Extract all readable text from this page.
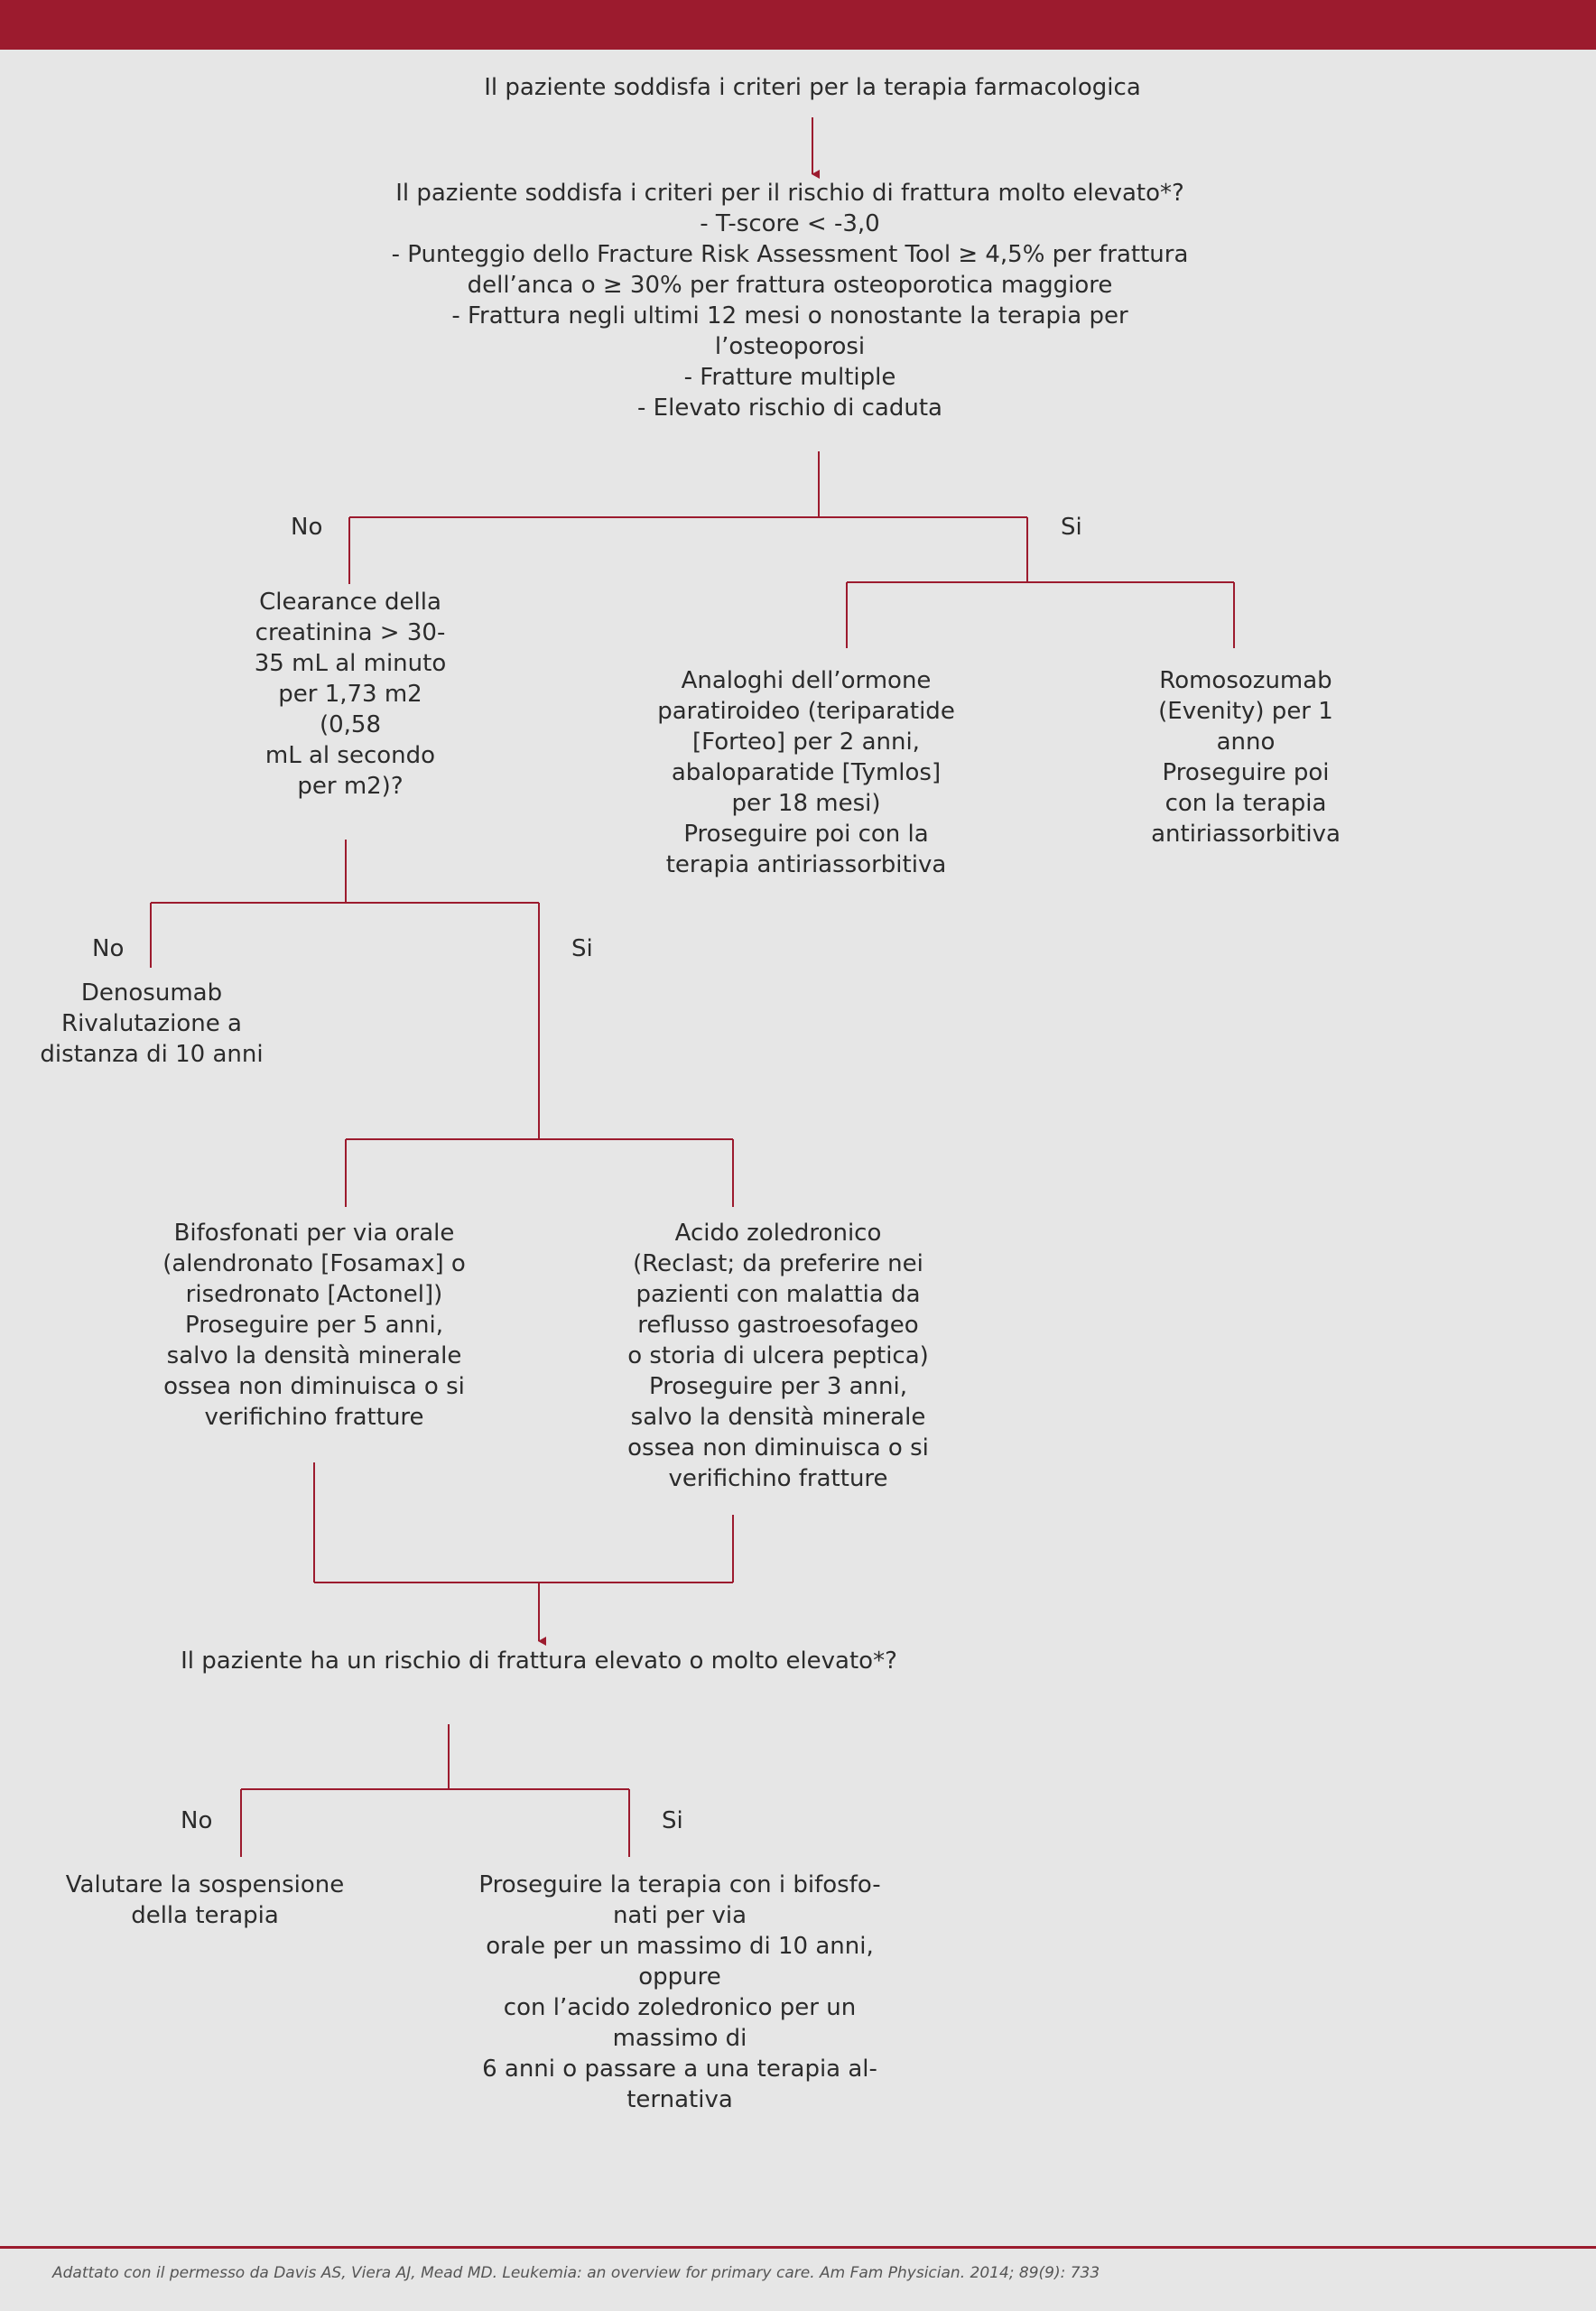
Il paziente soddisfa i criteri per la terapia farmacologica
Il paziente soddisfa i criteri per il rischio di frattura molto elevato*?
- T-score < -3,0
- Punteggio dello Fracture Risk Assessment Tool ≥ 4,5% per frattura
dell’anca o ≥ 30% per frattura osteoporotica maggiore
- Frattura negli ultimi 12 mesi o nonostante la terapia per
l’osteoporosi
- Fratture multiple
- Elevato rischio di caduta
No	Si
Clearance della
creatinina > 30-
35 mL al minuto
per 1,73 m2
(0,58
mL al secondo
per m2)?
Analoghi dell’ormone
paratiroideo (teriparatide
[Forteo] per 2 anni,
abaloparatide [Tymlos]
per 18 mesi)
Proseguire poi con la
terapia antiriassorbitiva
Romosozumab
(Evenity) per 1
anno
Proseguire poi
con la terapia
antiriassorbitiva
No	Si
Denosumab
Rivalutazione a
distanza di 10 anni
Bifosfonati per via orale
(alendronato [Fosamax] o
risedronato [Actonel])
Proseguire per 5 anni,
salvo la densità minerale
ossea non diminuisca o si
verifichino fratture
Acido zoledronico
(Reclast; da preferire nei
pazienti con malattia da
reflusso gastroesofageo
o storia di ulcera peptica)
Proseguire per 3 anni,
salvo la densità minerale
ossea non diminuisca o si
verifichino fratture
Il paziente ha un rischio di frattura elevato o molto elevato*?
No	Si
Valutare la sospensione
della terapia
Proseguire la terapia con i bifosfo-
nati per via
orale per un massimo di 10 anni,
oppure
con l’acido zoledronico per un
massimo di
6 anni o passare a una terapia al-
ternativa
Adattato con il permesso da Davis AS, Viera AJ, Mead MD. Leukemia: an overview for primary care. Am Fam Physician. 2014; 89(9): 733
